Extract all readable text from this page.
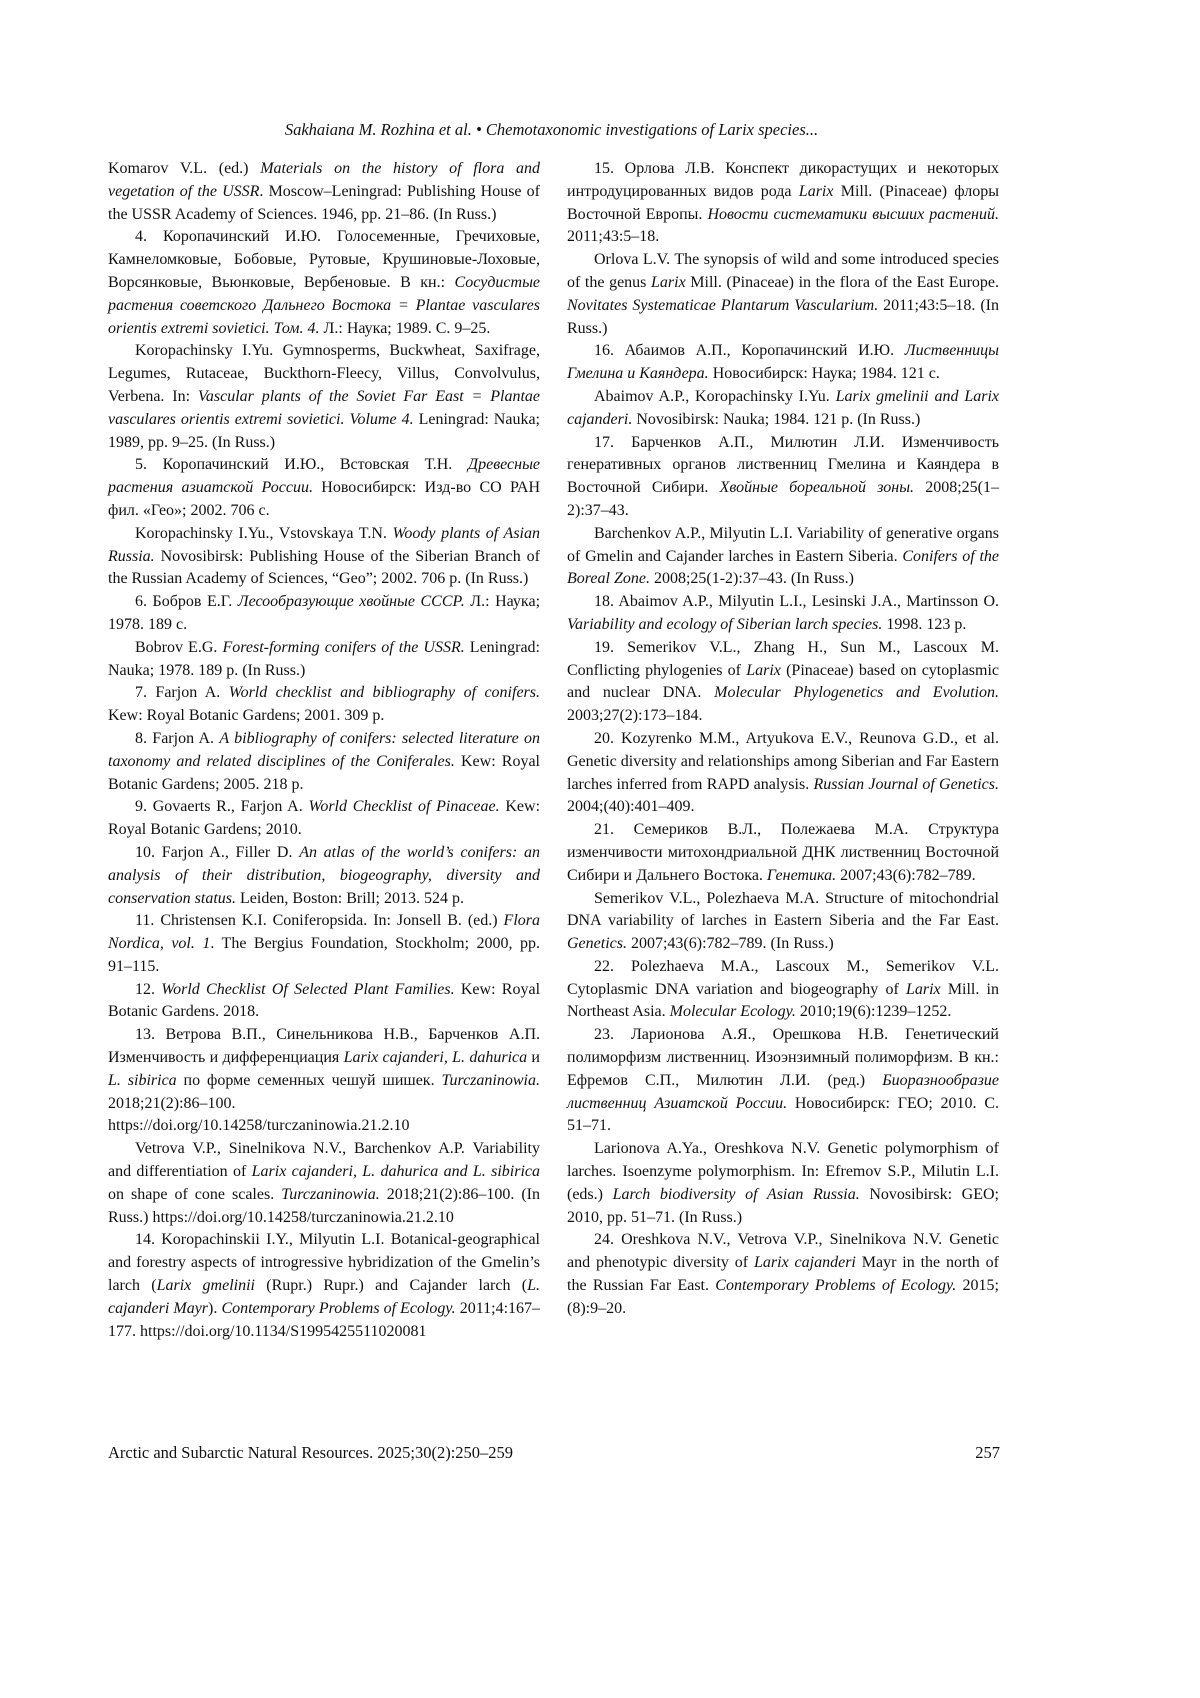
Sakhaiana M. Rozhina et al. • Chemotaxonomic investigations of Larix species...

Komarov V.L. (ed.) Materials on the history of flora and vegetation of the USSR. Moscow–Leningrad: Publishing House of the USSR Academy of Sciences. 1946, pp. 21–86. (In Russ.)

4. Коропачинский И.Ю. Голосеменные, Гречиховые, Камнеломковые, Бобовые, Рутовые, Крушиновые-Лоховые, Ворсянковые, Вьюнковые, Вербеновые. В кн.: Сосудистые растения советского Дальнего Востока = Plantae vasculares orientis extremi sovietici. Том. 4. Л.: Наука; 1989. С. 9–25.

Koropachinsky I.Yu. Gymnosperms, Buckwheat, Saxifrage, Legumes, Rutaceae, Buckthorn-Fleecy, Villus, Convolvulus, Verbena. In: Vascular plants of the Soviet Far East = Plantae vasculares orientis extremi sovietici. Volume 4. Leningrad: Nauka; 1989, pp. 9–25. (In Russ.)

5. Коропачинский И.Ю., Встовская Т.Н. Древесные растения азиатской России. Новосибирск: Изд-во СО РАН фил. «Гео»; 2002. 706 с.

Koropachinsky I.Yu., Vstovskaya T.N. Woody plants of Asian Russia. Novosibirsk: Publishing House of the Siberian Branch of the Russian Academy of Sciences, “Geo”; 2002. 706 p. (In Russ.)

6. Бобров Е.Г. Лесообразующие хвойные СССР. Л.: Наука; 1978. 189 с.

Bobrov E.G. Forest-forming conifers of the USSR. Leningrad: Nauka; 1978. 189 p. (In Russ.)

7. Farjon A. World checklist and bibliography of conifers. Kew: Royal Botanic Gardens; 2001. 309 p.

8. Farjon A. A bibliography of conifers: selected literature on taxonomy and related disciplines of the Coniferales. Kew: Royal Botanic Gardens; 2005. 218 p.

9. Govaerts R., Farjon A. World Checklist of Pinaceae. Kew: Royal Botanic Gardens; 2010.

10. Farjon A., Filler D. An atlas of the world’s conifers: an analysis of their distribution, biogeography, diversity and conservation status. Leiden, Boston: Brill; 2013. 524 p.

11. Christensen K.I. Coniferopsida. In: Jonsell B. (ed.) Flora Nordica, vol. 1. The Bergius Foundation, Stockholm; 2000, pp. 91–115.

12. World Checklist Of Selected Plant Families. Kew: Royal Botanic Gardens. 2018.

13. Ветрова В.П., Синельникова Н.В., Барченков А.П. Изменчивость и дифференциация Larix cajanderi, L. dahurica и L. sibirica по форме семенных чешуй шишек. Turczaninowia. 2018;21(2):86–100. https://doi.org/10.14258/turczaninowia.21.2.10

Vetrova V.P., Sinelnikova N.V., Barchenkov A.P. Variability and differentiation of Larix cajanderi, L. dahurica and L. sibirica on shape of cone scales. Turczaninowia. 2018;21(2):86–100. (In Russ.) https://doi.org/10.14258/turczaninowia.21.2.10

14. Koropachinskii I.Y., Milyutin L.I. Botanical-geographical and forestry aspects of introgressive hybridization of the Gmelin’s larch (Larix gmelinii (Rupr.) Rupr.) and Cajander larch (L. cajanderi Mayr). Contemporary Problems of Ecology. 2011;4:167–177. https://doi.org/10.1134/S1995425511020081

15. Орлова Л.В. Конспект дикорастущих и некоторых интродуцированных видов рода Larix Mill. (Pinaceae) флоры Восточной Европы. Новости систематики высших растений. 2011;43:5–18.

Orlova L.V. The synopsis of wild and some introduced species of the genus Larix Mill. (Pinaceae) in the flora of the East Europe. Novitates Systematicae Plantarum Vascularium. 2011;43:5–18. (In Russ.)

16. Абаимов А.П., Коропачинский И.Ю. Лиственницы Гмелина и Каяндера. Новосибирск: Наука; 1984. 121 с.

Abaimov A.P., Koropachinsky I.Yu. Larix gmelinii and Larix cajanderi. Novosibirsk: Nauka; 1984. 121 p. (In Russ.)

17. Барченков А.П., Милютин Л.И. Изменчивость генеративных органов лиственниц Гмелина и Каяндера в Восточной Сибири. Хвойные бореальной зоны. 2008;25(1–2):37–43.

Barchenkov A.P., Milyutin L.I. Variability of generative organs of Gmelin and Cajander larches in Eastern Siberia. Conifers of the Boreal Zone. 2008;25(1-2):37–43. (In Russ.)

18. Abaimov A.P., Milyutin L.I., Lesinski J.A., Martinsson O. Variability and ecology of Siberian larch species. 1998. 123 p.

19. Semerikov V.L., Zhang H., Sun M., Lascoux M. Conflicting phylogenies of Larix (Pinaceae) based on cytoplasmic and nuclear DNA. Molecular Phylogenetics and Evolution. 2003;27(2):173–184.

20. Kozyrenko M.M., Artyukova E.V., Reunova G.D., et al. Genetic diversity and relationships among Siberian and Far Eastern larches inferred from RAPD analysis. Russian Journal of Genetics. 2004;(40):401–409.

21. Семериков В.Л., Полежаева М.А. Структура изменчивости митохондриальной ДНК лиственниц Восточной Сибири и Дальнего Востока. Генетика. 2007;43(6):782–789.

Semerikov V.L., Polezhaeva M.A. Structure of mitochondrial DNA variability of larches in Eastern Siberia and the Far East. Genetics. 2007;43(6):782–789. (In Russ.)

22. Polezhaeva M.A., Lascoux M., Semerikov V.L. Cytoplasmic DNA variation and biogeography of Larix Mill. in Northeast Asia. Molecular Ecology. 2010;19(6):1239–1252.

23. Ларионова А.Я., Орешкова Н.В. Генетический полиморфизм лиственниц. Изоэнзимный полиморфизм. В кн.: Ефремов С.П., Милютин Л.И. (ред.) Биоразнообразие лиственниц Азиатской России. Новосибирск: ГЕО; 2010. С. 51–71.

Larionova A.Ya., Oreshkova N.V. Genetic polymorphism of larches. Isoenzyme polymorphism. In: Efremov S.P., Milutin L.I. (eds.) Larch biodiversity of Asian Russia. Novosibirsk: GEO; 2010, pp. 51–71. (In Russ.)

24. Oreshkova N.V., Vetrova V.P., Sinelnikova N.V. Genetic and phenotypic diversity of Larix cajanderi Mayr in the north of the Russian Far East. Contemporary Problems of Ecology. 2015;(8):9–20.

Arctic and Subarctic Natural Resources. 2025;30(2):250–259	257
